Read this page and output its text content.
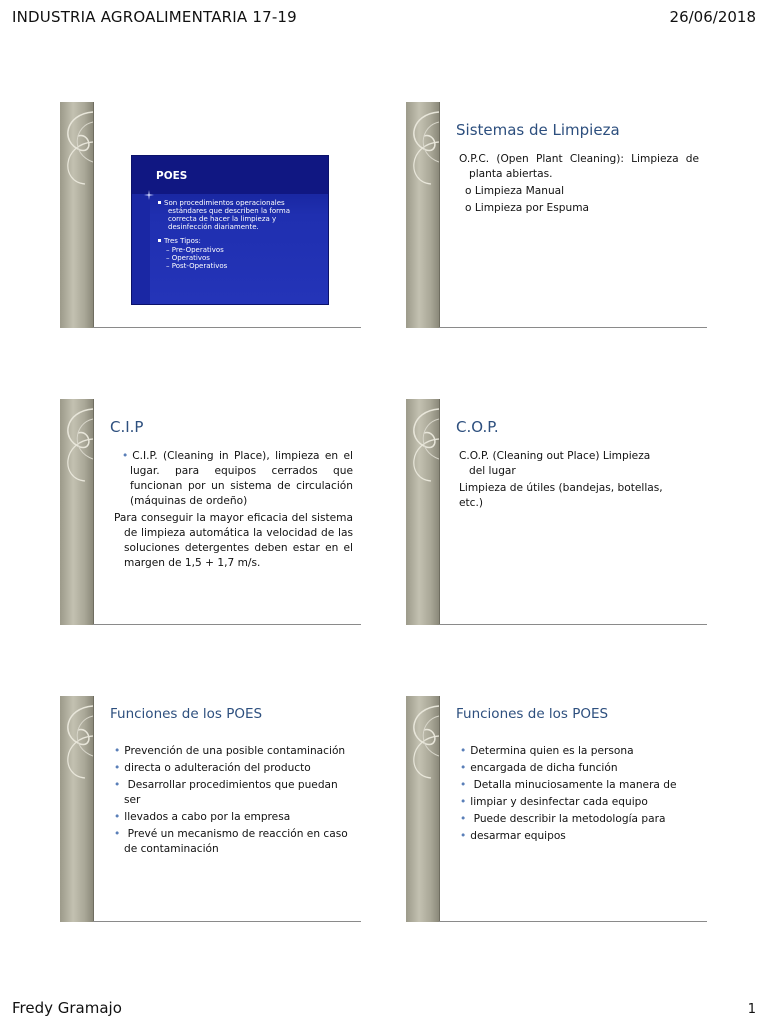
INDUSTRIA AGROALIMENTARIA 17-19	26/06/2018
POES

Son procedimientos operacionales estándares que describen la forma correcta de hacer la limpieza y desinfección diariamente.

Tres Tipos:

– Pre-Operativos
– Operativos
– Post-Operativos
Sistemas de Limpieza

O.P.C. (Open Plant Cleaning): Limpieza de planta abiertas.

o Limpieza Manual

o Limpieza por Espuma

C.I.P

• C.I.P. (Cleaning in Place), limpieza en el lugar. para equipos cerrados que funcionan por un sistema de circulación (máquinas de ordeño)

Para conseguir la mayor eficacia del sistema de limpieza automática la velocidad de las soluciones detergentes deben estar en el margen de 1,5 + 1,7 m/s.

C.O.P.

C.O.P. (Cleaning out Place) Limpieza del lugar

Limpieza de útiles (bandejas, botellas, etc.)

Funciones de los POES

• Prevención de una posible contaminación

• directa o adulteración del producto

• Desarrollar procedimientos que puedan ser

• llevados a cabo por la empresa

• Prevé un mecanismo de reacción en caso de contaminación

Funciones de los POES

• Determina quien es la persona

• encargada de dicha función

• Detalla minuciosamente la manera de

• limpiar y desinfectar cada equipo

• Puede describir la metodología para

• desarmar equipos

Fredy Gramajo	1
